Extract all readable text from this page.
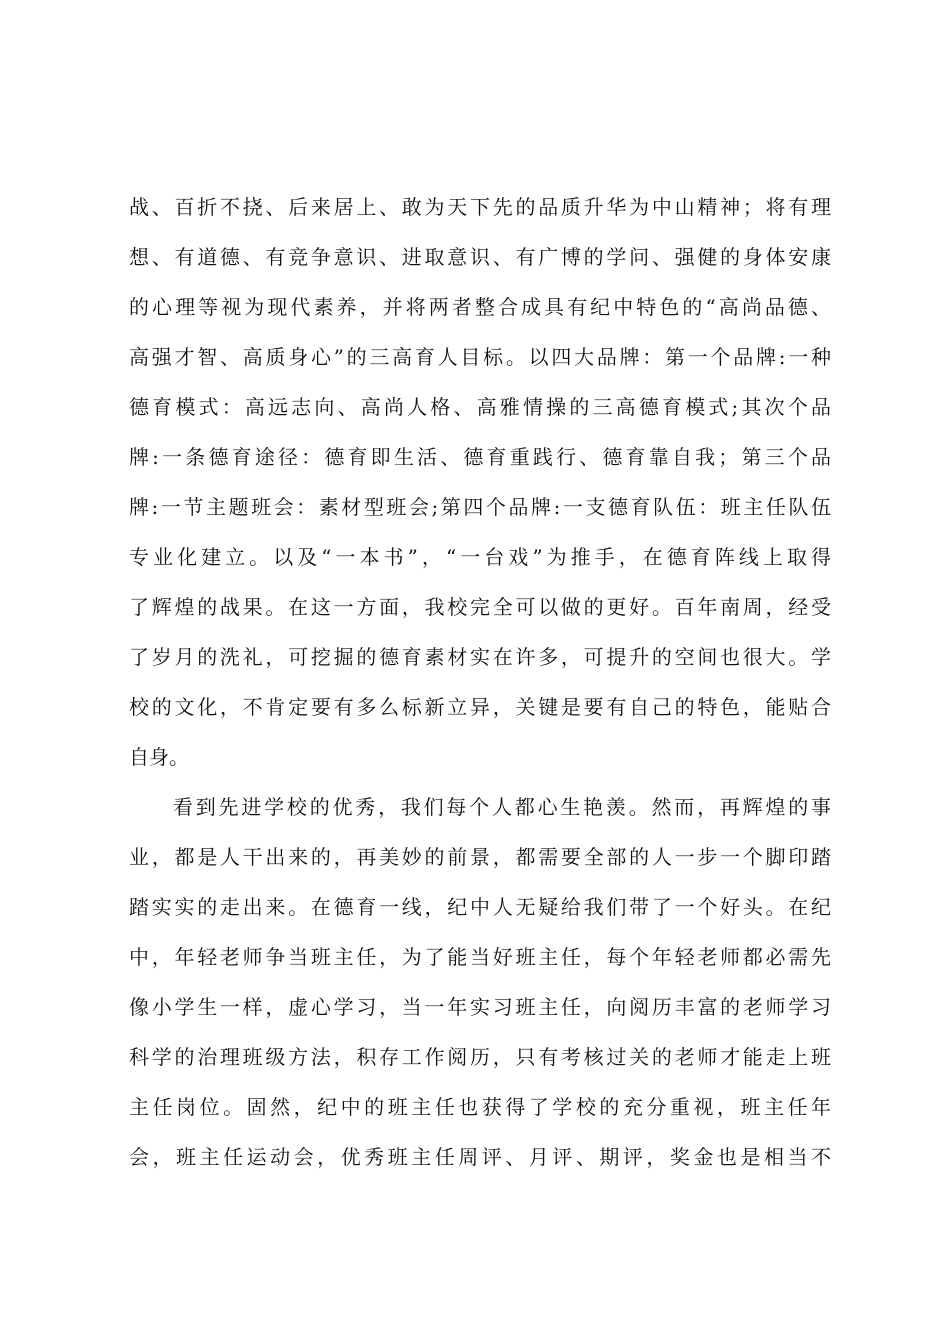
战、百折不挠、后来居上、敢为天下先的品质升华为中山精神；将有理
想、有道德、有竞争意识、进取意识、有广博的学问、强健的身体安康
的心理等视为现代素养，并将两者整合成具有纪中特色的“高尚品德、
高强才智、高质身心”的三高育人目标。以四大品牌：第一个品牌:一种
德育模式：高远志向、高尚人格、高雅情操的三高德育模式;其次个品
牌:一条德育途径：德育即生活、德育重践行、德育靠自我；第三个品
牌:一节主题班会：素材型班会;第四个品牌:一支德育队伍：班主任队伍
专业化建立。以及“一本书”，“一台戏”为推手，在德育阵线上取得
了辉煌的战果。在这一方面，我校完全可以做的更好。百年南周，经受
了岁月的洗礼，可挖掘的德育素材实在许多，可提升的空间也很大。学
校的文化，不肯定要有多么标新立异，关键是要有自己的特色，能贴合
自身。
看到先进学校的优秀，我们每个人都心生艳羡。然而，再辉煌的事
业，都是人干出来的，再美妙的前景，都需要全部的人一步一个脚印踏
踏实实的走出来。在德育一线，纪中人无疑给我们带了一个好头。在纪
中，年轻老师争当班主任，为了能当好班主任，每个年轻老师都必需先
像小学生一样，虚心学习，当一年实习班主任，向阅历丰富的老师学习
科学的治理班级方法，积存工作阅历，只有考核过关的老师才能走上班
主任岗位。固然，纪中的班主任也获得了学校的充分重视，班主任年
会，班主任运动会，优秀班主任周评、月评、期评，奖金也是相当不
